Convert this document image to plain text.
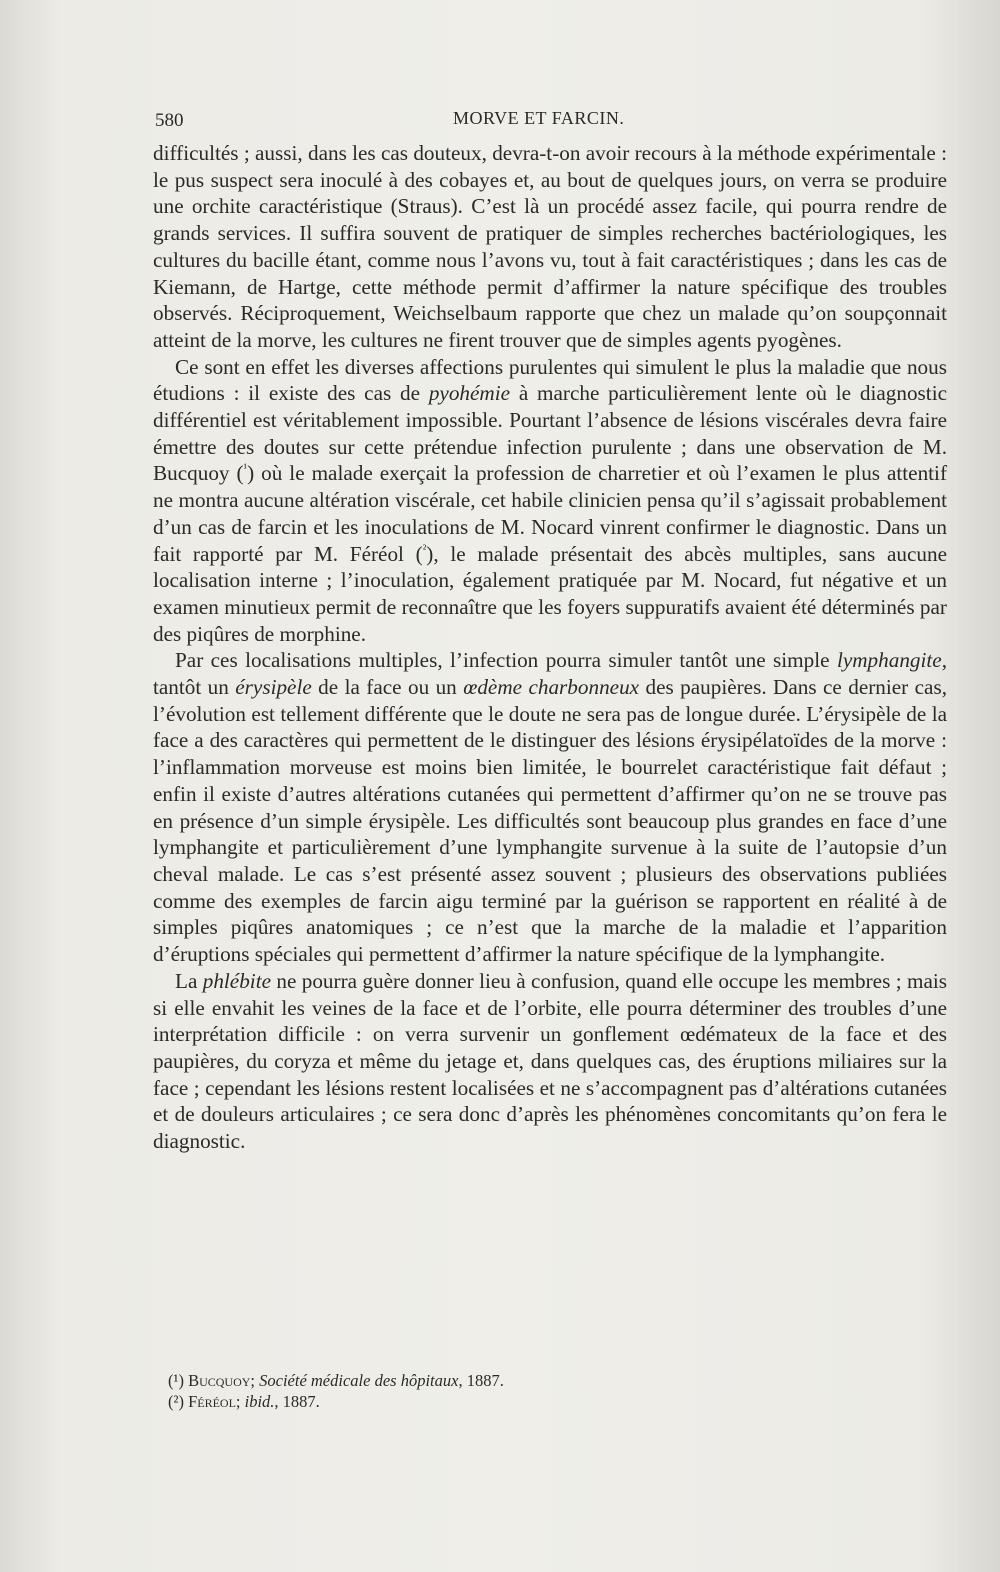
580	MORVE ET FARCIN.

difficultés ; aussi, dans les cas douteux, devra-t-on avoir recours à la méthode expérimentale : le pus suspect sera inoculé à des cobayes et, au bout de quelques jours, on verra se produire une orchite caractéristique (Straus). C’est là un procédé assez facile, qui pourra rendre de grands services. Il suffira souvent de pratiquer de simples recherches bactériologiques, les cultures du bacille étant, comme nous l’avons vu, tout à fait caractéristiques ; dans les cas de Kiemann, de Hartge, cette méthode permit d’affirmer la nature spécifique des troubles observés. Réciproquement, Weichselbaum rapporte que chez un malade qu’on soupçonnait atteint de la morve, les cultures ne firent trouver que de simples agents pyogènes.

Ce sont en effet les diverses affections purulentes qui simulent le plus la maladie que nous étudions : il existe des cas de pyohémie à marche particulièrement lente où le diagnostic différentiel est véritablement impossible. Pourtant l’absence de lésions viscérales devra faire émettre des doutes sur cette prétendue infection purulente ; dans une observation de M. Bucquoy ($^{^1}$) où le malade exerçait la profession de charretier et où l’examen le plus attentif ne montra aucune altération viscérale, cet habile clinicien pensa qu’il s’agissait probablement d’un cas de farcin et les inoculations de M. Nocard vinrent confirmer le diagnostic. Dans un fait rapporté par M. Féréol ($^{^2}$), le malade présentait des abcès multiples, sans aucune localisation interne ; l’inoculation, également pratiquée par M. Nocard, fut négative et un examen minutieux permit de reconnaître que les foyers suppuratifs avaient été déterminés par des piqûres de morphine.

Par ces localisations multiples, l’infection pourra simuler tantôt une simple lymphangite, tantôt un érysipèle de la face ou un œdème charbonneux des paupières. Dans ce dernier cas, l’évolution est tellement différente que le doute ne sera pas de longue durée. L’érysipèle de la face a des caractères qui permettent de le distinguer des lésions érysipélatoïdes de la morve : l’inflammation morveuse est moins bien limitée, le bourrelet caractéristique fait défaut ; enfin il existe d’autres altérations cutanées qui permettent d’affirmer qu’on ne se trouve pas en présence d’un simple érysipèle. Les difficultés sont beaucoup plus grandes en face d’une lymphangite et particulièrement d’une lymphangite survenue à la suite de l’autopsie d’un cheval malade. Le cas s’est présenté assez souvent ; plusieurs des observations publiées comme des exemples de farcin aigu terminé par la guérison se rapportent en réalité à de simples piqûres anatomiques ; ce n’est que la marche de la maladie et l’apparition d’éruptions spéciales qui permettent d’affirmer la nature spécifique de la lymphangite.

La phlébite ne pourra guère donner lieu à confusion, quand elle occupe les membres ; mais si elle envahit les veines de la face et de l’orbite, elle pourra déterminer des troubles d’une interprétation difficile : on verra survenir un gonflement œdémateux de la face et des paupières, du coryza et même du jetage et, dans quelques cas, des éruptions miliaires sur la face ; cependant les lésions restent localisées et ne s’accompagnent pas d’altérations cutanées et de douleurs articulaires ; ce sera donc d’après les phénomènes concomitants qu’on fera le diagnostic.

(¹) Bucquoy; Société médicale des hôpitaux, 1887.

(²) Féréol; ibid., 1887.
